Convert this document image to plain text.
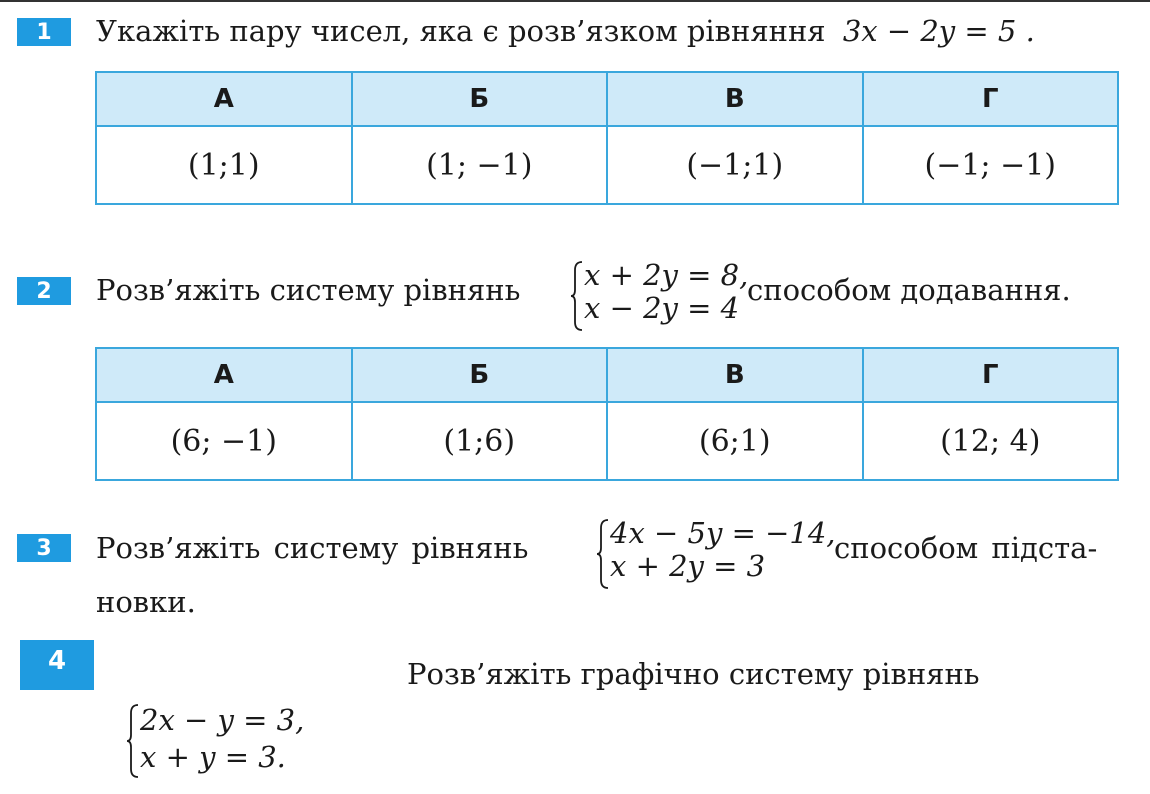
1	Укажіть пару чисел, яка є розв’язком рівняння 3x − 2y = 5 .
А	Б	В	Г
(1;1)	(1; −1)	(−1;1)	(−1; −1)
2	Розв’яжіть систему рівнянь x + 2y = 8,
x − 2y = 4
способом додавання.
А	Б	В	Г
(6; −1)	(1;6)	(6;1)	(12; 4)
3	Розв’яжіть систему рівнянь	4x − 5y = −14,
x + 2y = 3
способом підста-
новки.
4	Розв’яжіть графічно систему рівнянь
2x − y = 3,
x + y = 3.
